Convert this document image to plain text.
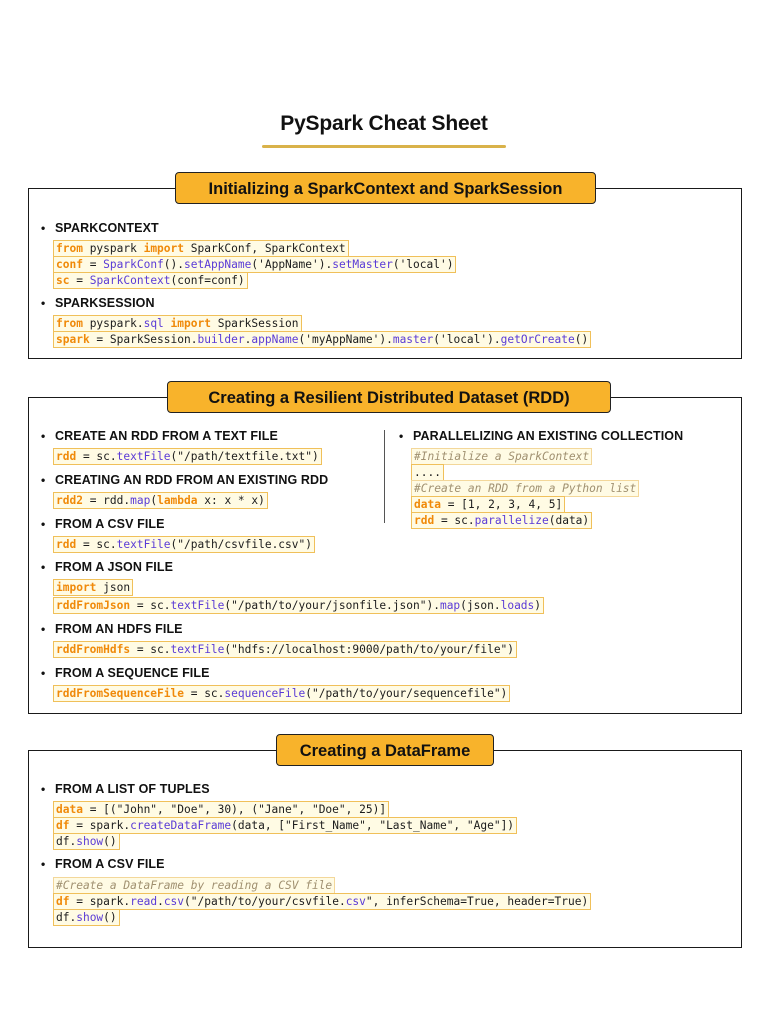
PySpark Cheat Sheet
Initializing a SparkContext and SparkSession
• SPARKCONTEXT
from pyspark import SparkConf, SparkContext
conf = SparkConf().setAppName('AppName').setMaster('local')
sc = SparkContext(conf=conf)
• SPARKSESSION
from pyspark.sql import SparkSession
spark = SparkSession.builder.appName('myAppName').master('local').getOrCreate()
Creating a Resilient Distributed Dataset (RDD)
• CREATE AN RDD FROM A TEXT FILE
rdd = sc.textFile("/path/textfile.txt")
• CREATING AN RDD FROM AN EXISTING RDD
rdd2 = rdd.map(lambda x: x * x)
• FROM A CSV FILE
rdd = sc.textFile("/path/csvfile.csv")
• FROM A JSON FILE
import json
rddFromJson = sc.textFile("/path/to/your/jsonfile.json").map(json.loads)
• FROM AN HDFS FILE
rddFromHdfs = sc.textFile("hdfs://localhost:9000/path/to/your/file")
• FROM A SEQUENCE FILE
rddFromSequenceFile = sc.sequenceFile("/path/to/your/sequencefile")
• PARALLELIZING AN EXISTING COLLECTION
#Initialize a SparkContext
....
#Create an RDD from a Python list
data = [1, 2, 3, 4, 5]
rdd = sc.parallelize(data)
Creating a DataFrame
• FROM A LIST OF TUPLES
data = [("John", "Doe", 30), ("Jane", "Doe", 25)]
df = spark.createDataFrame(data, ["First_Name", "Last_Name", "Age"])
df.show()
• FROM A CSV FILE
#Create a DataFrame by reading a CSV file
df = spark.read.csv("/path/to/your/csvfile.csv", inferSchema=True, header=True)
df.show()
